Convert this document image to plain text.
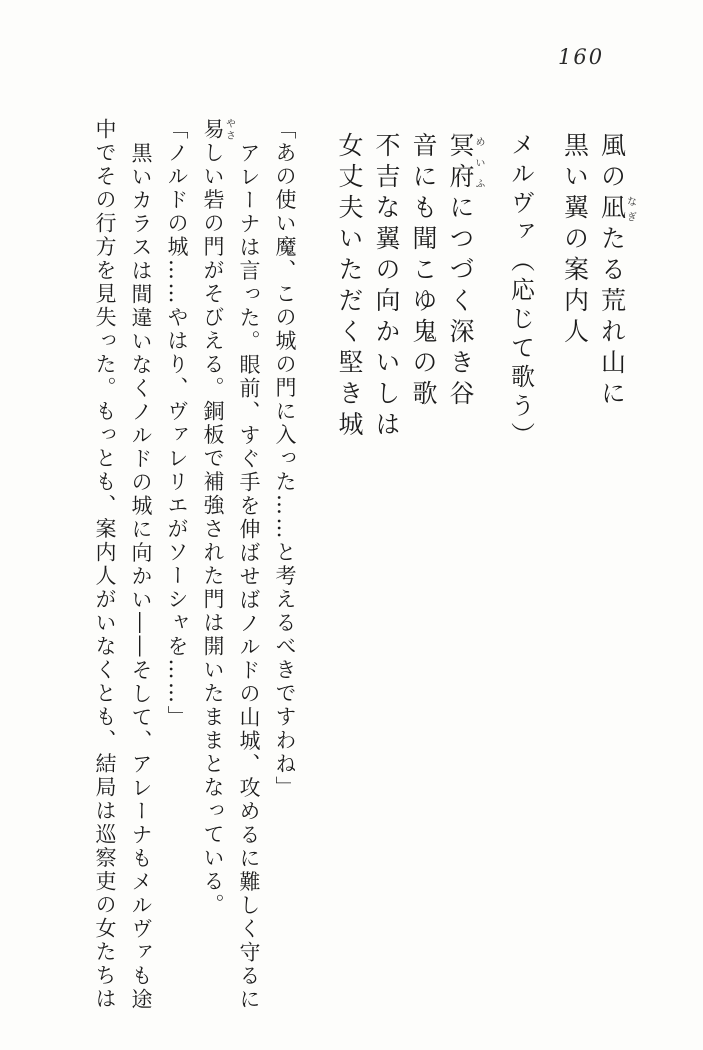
160
風の凪なぎたる荒れ山に
黒い翼の案内人
メルヴァ（応じて歌う）
冥府めいふにつづく深き谷
音にも聞こゆ鬼の歌
不吉な翼の向かいしは
女丈夫いただく堅き城
「あの使い魔、この城の門に入った……と考えるべきですわね」
アレーナは言った。眼前、すぐ手を伸ばせばノルドの山城、攻めるに難しく守るに易やさしい砦の門がそびえる。銅板で補強された門は開いたままとなっている。
「ノルドの城……やはり、ヴァレリエがソーシャを……」
黒いカラスは間違いなくノルドの城に向かい――そして、アレーナもメルヴァも途中でその行方を見失った。もっとも、案内人がいなくとも、結局は巡察吏の女たちは
